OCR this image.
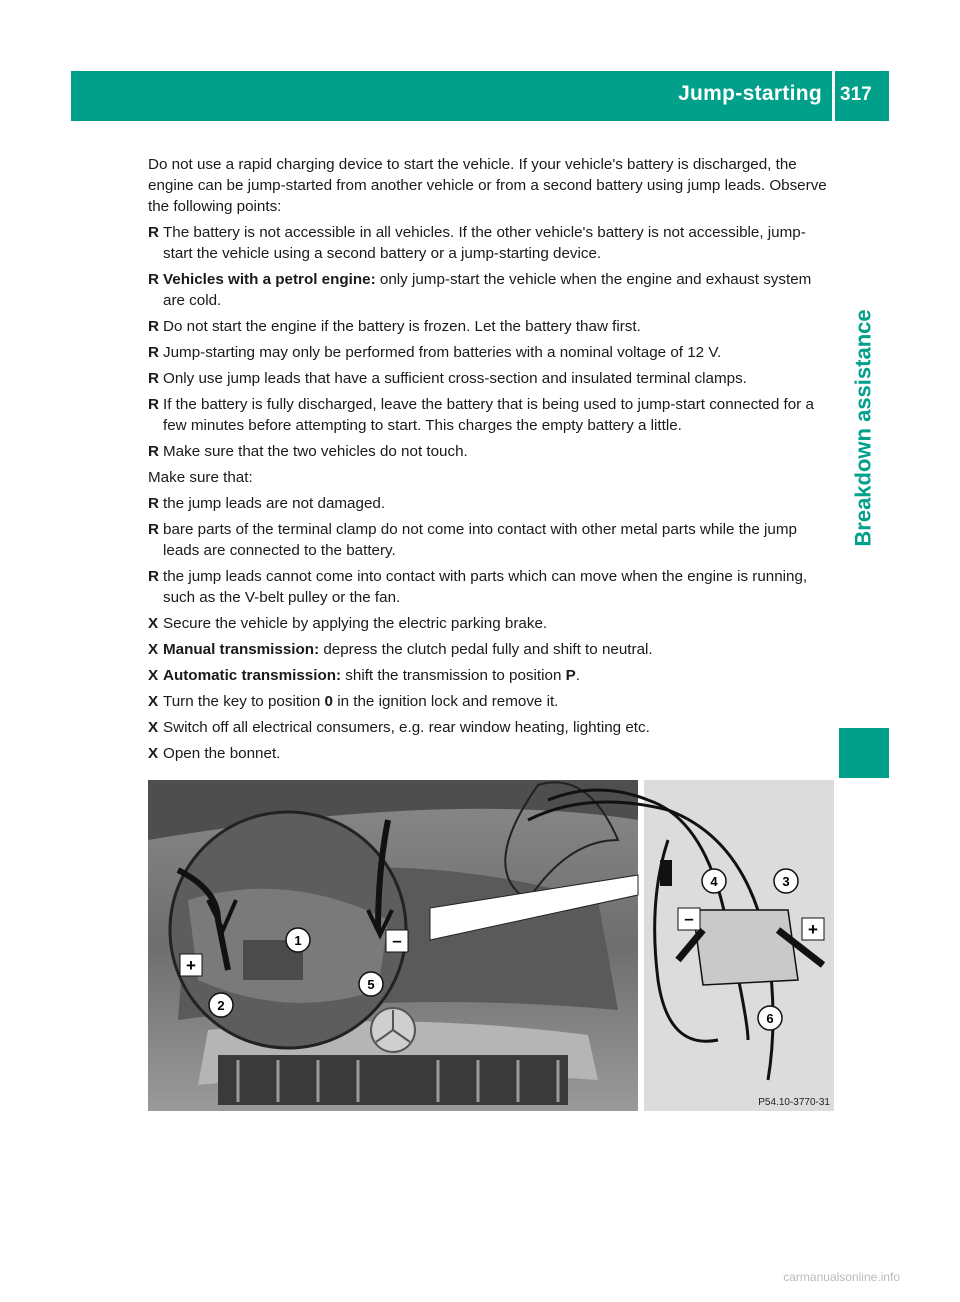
Jump-starting 317
Breakdown assistance

Do not use a rapid charging device to start the vehicle. If your vehicle's battery is discharged, the engine can be jump-started from another vehicle or from a second battery using jump leads. Observe the following points:

R The battery is not accessible in all vehicles. If the other vehicle's battery is not accessible, jump-start the vehicle using a second battery or a jump-starting device.
R Vehicles with a petrol engine: only jump-start the vehicle when the engine and exhaust system are cold.
R Do not start the engine if the battery is frozen. Let the battery thaw first.
R Jump-starting may only be performed from batteries with a nominal voltage of 12 V.
R Only use jump leads that have a sufficient cross-section and insulated terminal clamps.
R If the battery is fully discharged, leave the battery that is being used to jump-start connected for a few minutes before attempting to start. This charges the empty battery a little.
R Make sure that the two vehicles do not touch.

Make sure that:

R the jump leads are not damaged.
R bare parts of the terminal clamp do not come into contact with other metal parts while the jump leads are connected to the battery.
R the jump leads cannot come into contact with parts which can move when the engine is running, such as the V-belt pulley or the fan.
X Secure the vehicle by applying the electric parking brake.
X Manual transmission: depress the clutch pedal fully and shift to neutral.
X Automatic transmission: shift the transmission to position P.
X Turn the key to position 0 in the ignition lock and remove it.
X Switch off all electrical consumers, e.g. rear window heating, lighting etc.
X Open the bonnet.
1
2
3
4
5
6
+
–
–
+
P54.10-3770-31
carmanualsonline.info
